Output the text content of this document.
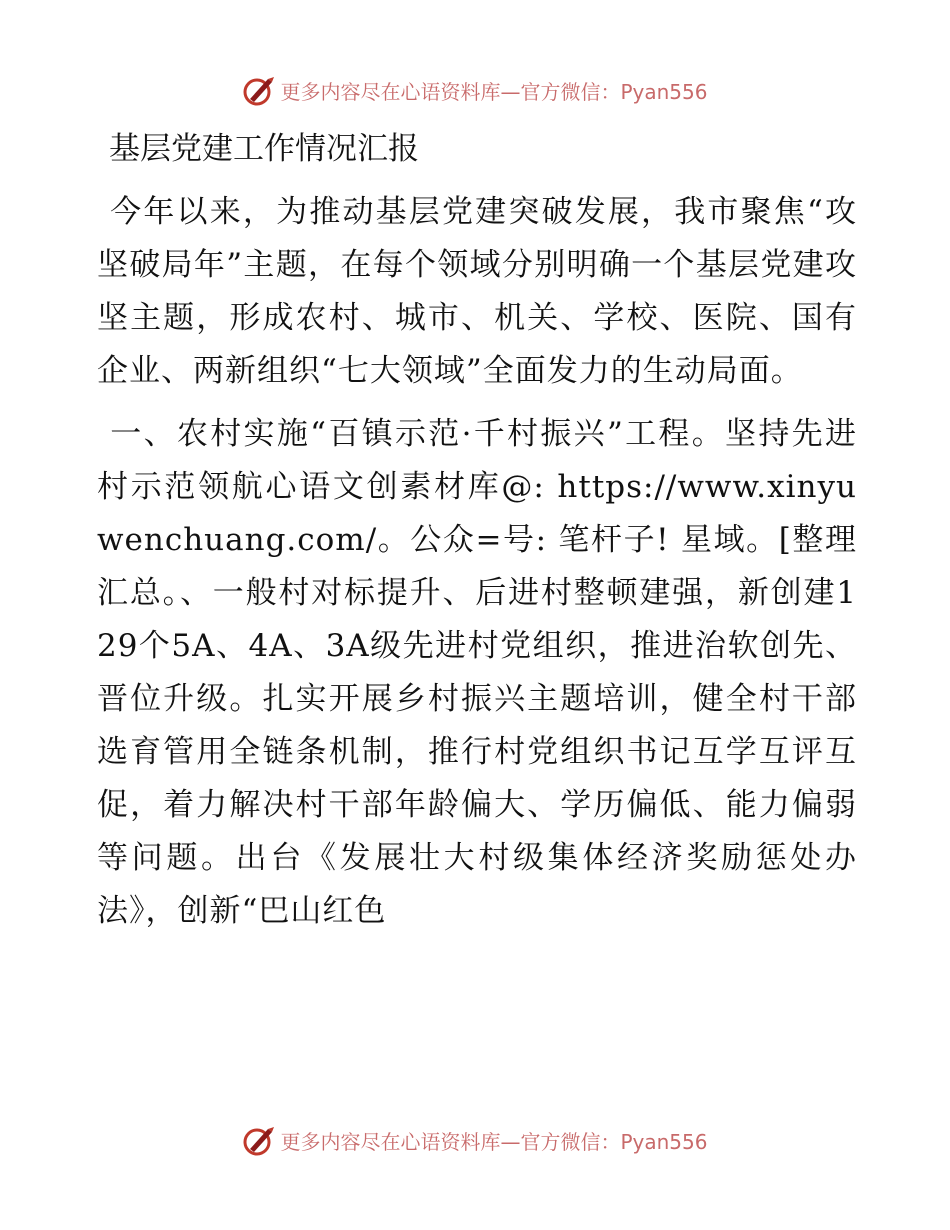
更多内容尽在心语资料库—官方微信：Pyan556
基层党建工作情况汇报

今年以来，为推动基层党建突破发展，我市聚焦“攻坚破局年”主题，在每个领域分别明确一个基层党建攻坚主题，形成农村、城市、机关、学校、医院、国有企业、两新组织“七大领域”全面发力的生动局面。

一、农村实施“百镇示范·千村振兴”工程。坚持先进村示范领航心语文创素材库@: https://www.xinyuwenchuang.com/。公众=号: 笔杆子! 星域。[整理汇总。、一般村对标提升、后进村整顿建强，新创建129个5A、4A、3A级先进村党组织，推进治软创先、晋位升级。扎实开展乡村振兴主题培训，健全村干部选育管用全链条机制，推行村党组织书记互学互评互促，着力解决村干部年龄偏大、学历偏低、能力偏弱等问题。出台《发展壮大村级集体经济奖励惩处办法》，创新“巴山红色

更多内容尽在心语资料库—官方微信：Pyan556
